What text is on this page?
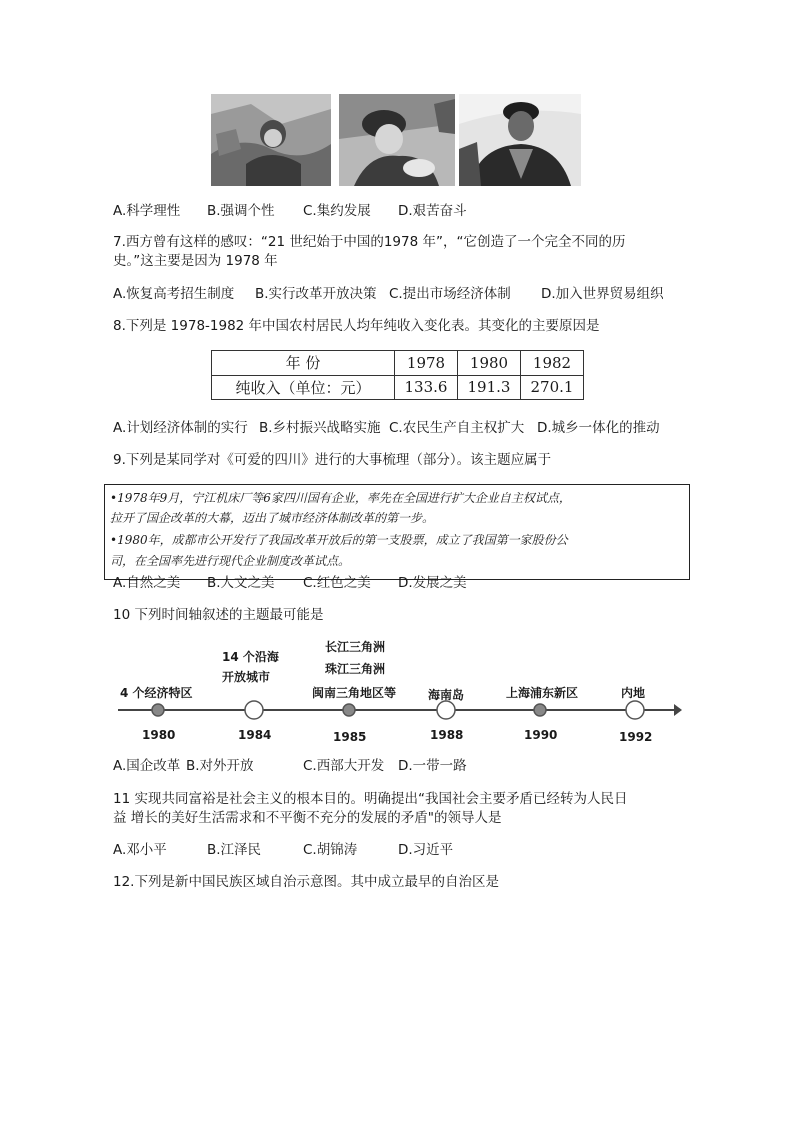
A.科学理性 B.强调个性 C.集约发展 D.艰苦奋斗
7.西方曾有这样的感叹：“21 世纪始于中国的1978 年”，“它创造了一个完全不同的历
史。”这主要是因为 1978 年
A.恢复高考招生制度 B.实行改革开放决策 C.提出市场经济体制 D.加入世界贸易组织
8.下列是 1978-1982 年中国农村居民人均年纯收入变化表。其变化的主要原因是
年 份	1978	1980	1982
纯收入（单位：元）	133.6	191.3	270.1
A.计划经济体制的实行 B.乡村振兴战略实施 C.农民生产自主权扩大 D.城乡一体化的推动
9.下列是某同学对《可爱的四川》进行的大事梳理（部分）。该主题应属于
•1978年9月，宁江机床厂等6家四川国有企业，率先在全国进行扩大企业自主权试点，
拉开了国企改革的大幕，迈出了城市经济体制改革的第一步。
•1980年，成都市公开发行了我国改革开放后的第一支股票，成立了我国第一家股份公
司，在全国率先进行现代企业制度改革试点。
A.自然之美 B.人文之美 C.红色之美 D.发展之美
10 下列时间轴叙述的主题最可能是
4 个经济特区
14 个沿海
开放城市
长江三角洲
珠江三角洲
闽南三角地区等	海南岛	上海浦东新区	内地
1980	1984	1985	1988	1990	1992
A.国企改革 B.对外开放	C.西部大开发 D.一带一路
11 实现共同富裕是社会主义的根本目的。明确提出“我国社会主要矛盾已经转为人民日
益 增长的美好生活需求和不平衡不充分的发展的矛盾"的领导人是
A.邓小平	B.江泽民	C.胡锦涛	D.习近平
12.下列是新中国民族区域自治示意图。其中成立最早的自治区是
